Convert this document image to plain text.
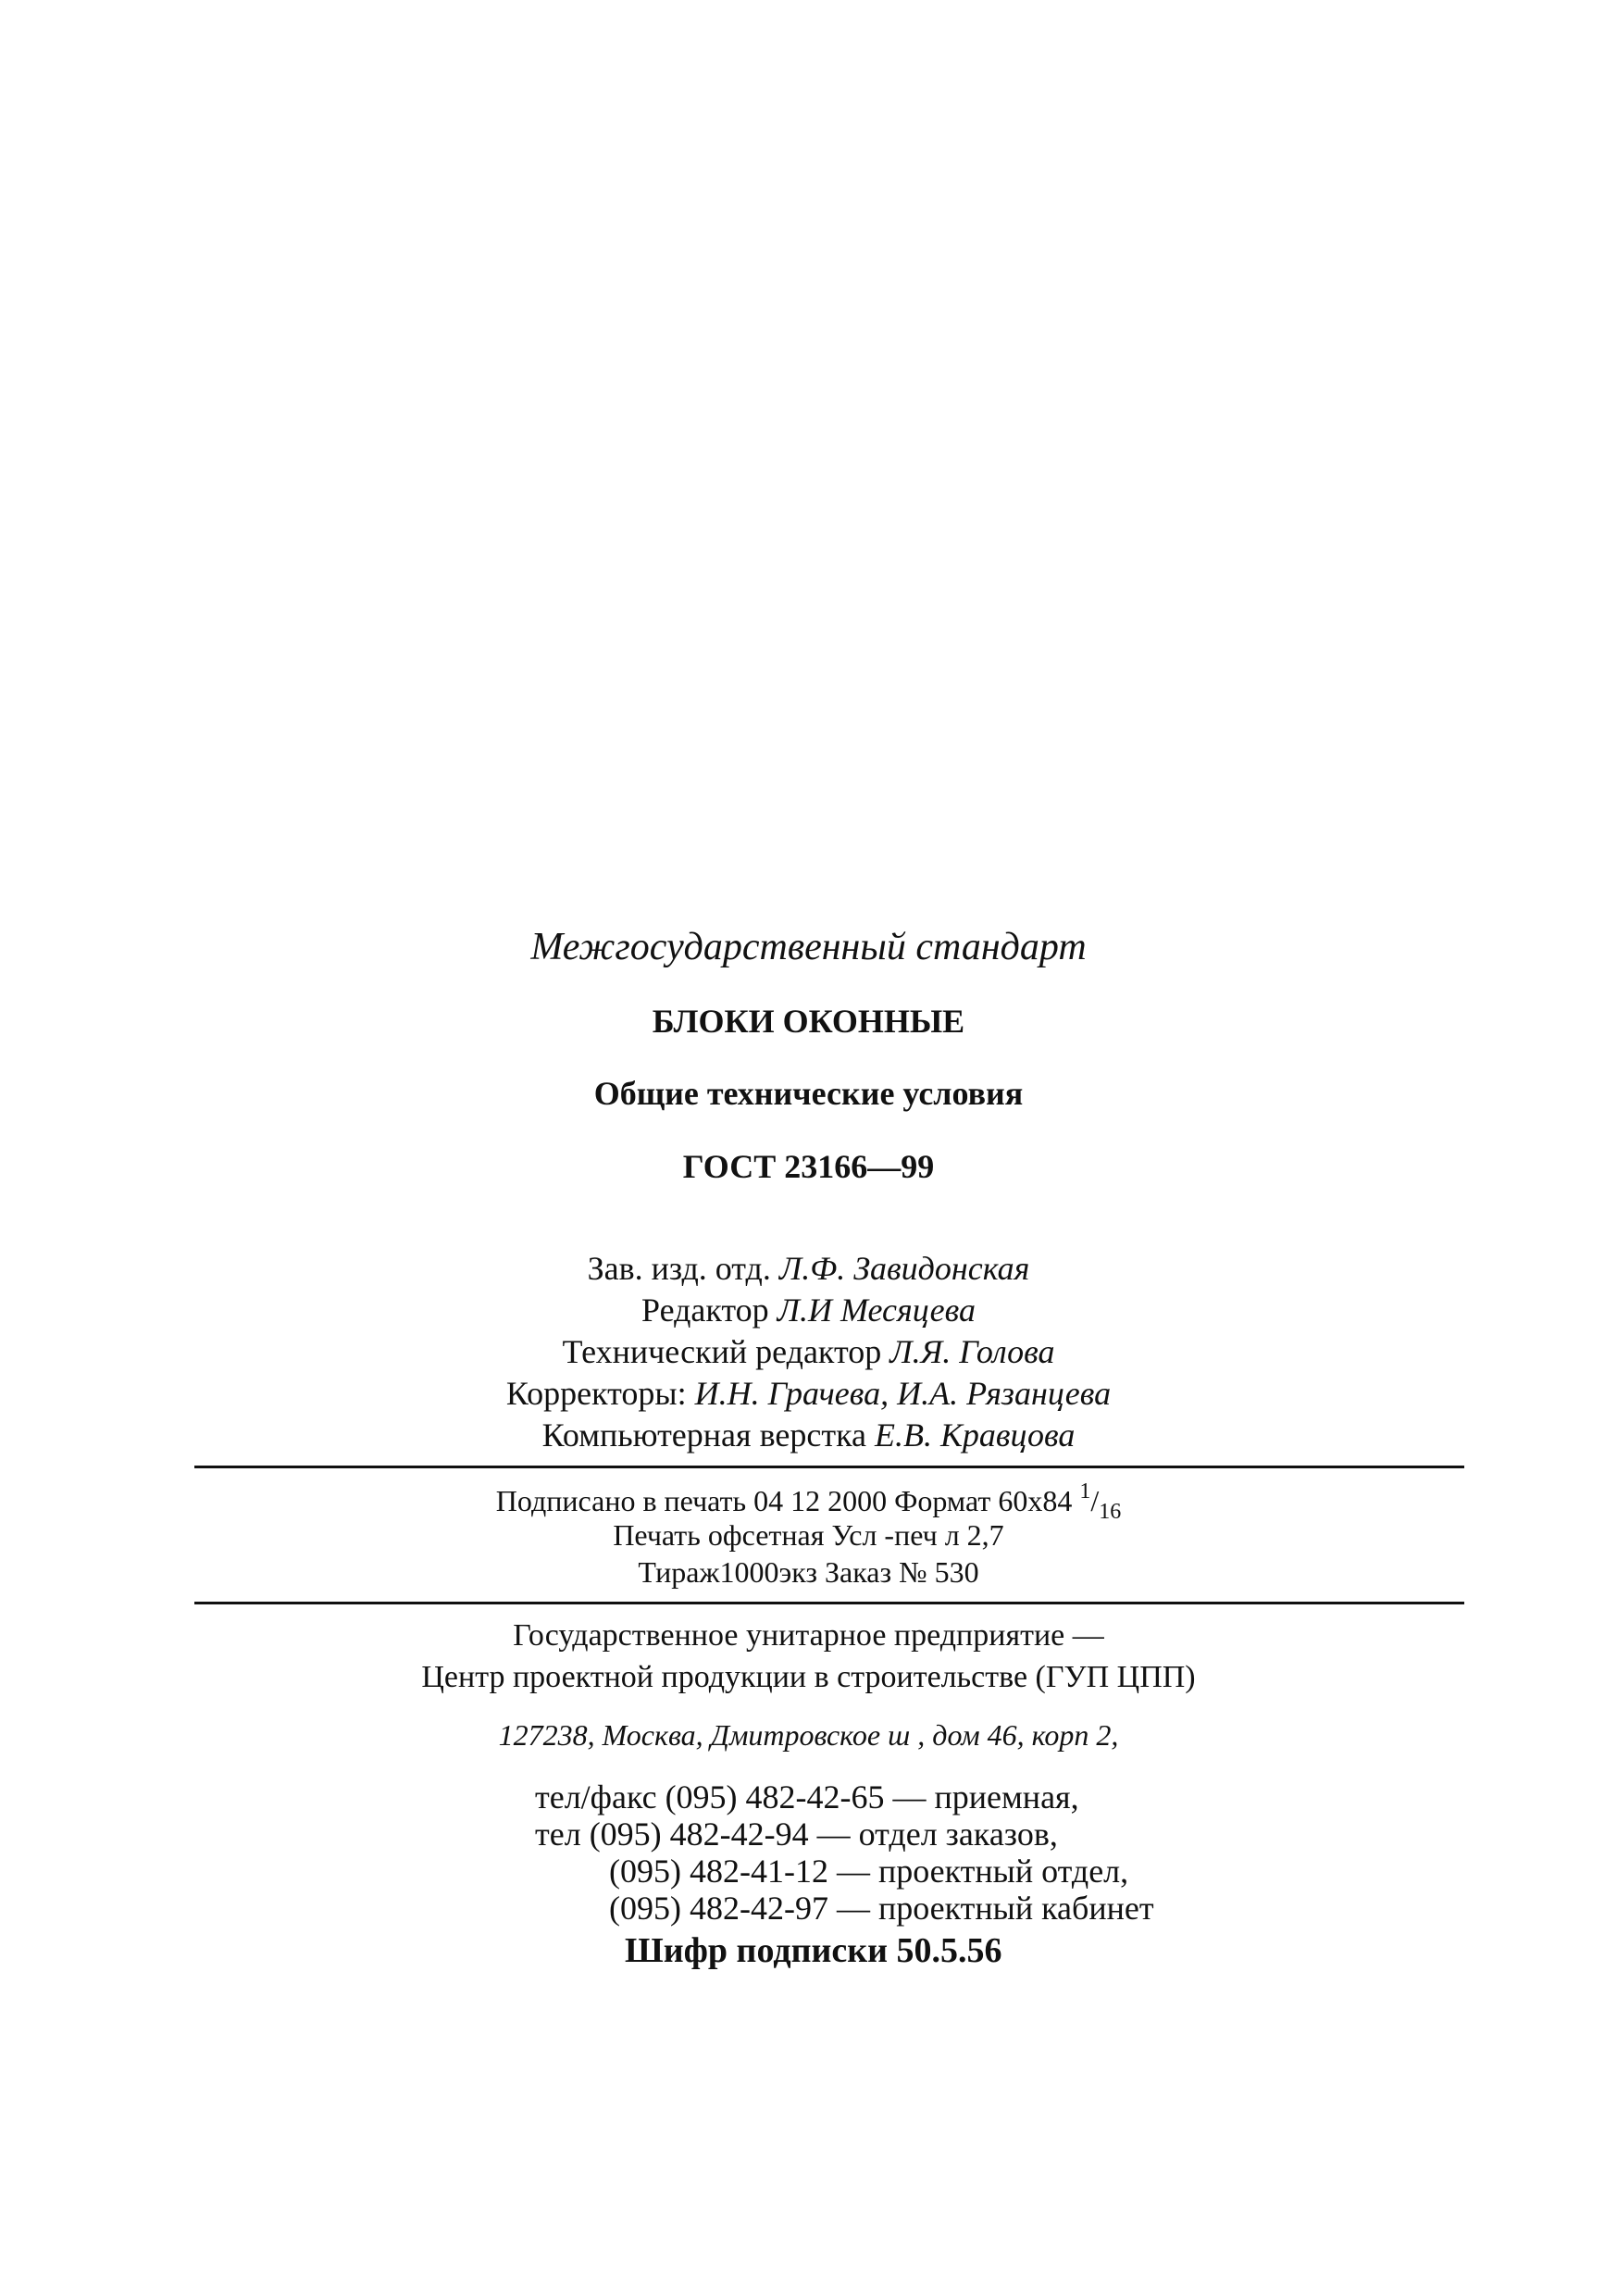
Межгосударственный стандарт
БЛОКИ ОКОННЫЕ
Общие технические условия
ГОСТ 23166—99
Зав. изд. отд. Л.Ф. Завидонская
Редактор Л.И Месяцева
Технический редактор Л.Я. Голова
Корректоры: И.Н. Грачева, И.А. Рязанцева
Компьютерная верстка Е.В. Кравцова
Подписано в печать 04 12 2000 Формат 60x84 $^1/_{16}$
Печать офсетная Усл -печ л 2,7
Тираж1000экз Заказ № 530
Государственное унитарное предприятие —
Центр проектной продукции в строительстве (ГУП ЦПП)
127238, Москва, Дмитровское ш , дом 46, корп 2,
тел/факс (095) 482-42-65 — приемная,
тел (095) 482-42-94 — отдел заказов,
(095) 482-41-12 — проектный отдел,
(095) 482-42-97 — проектный кабинет
Шифр подписки 50.5.56
